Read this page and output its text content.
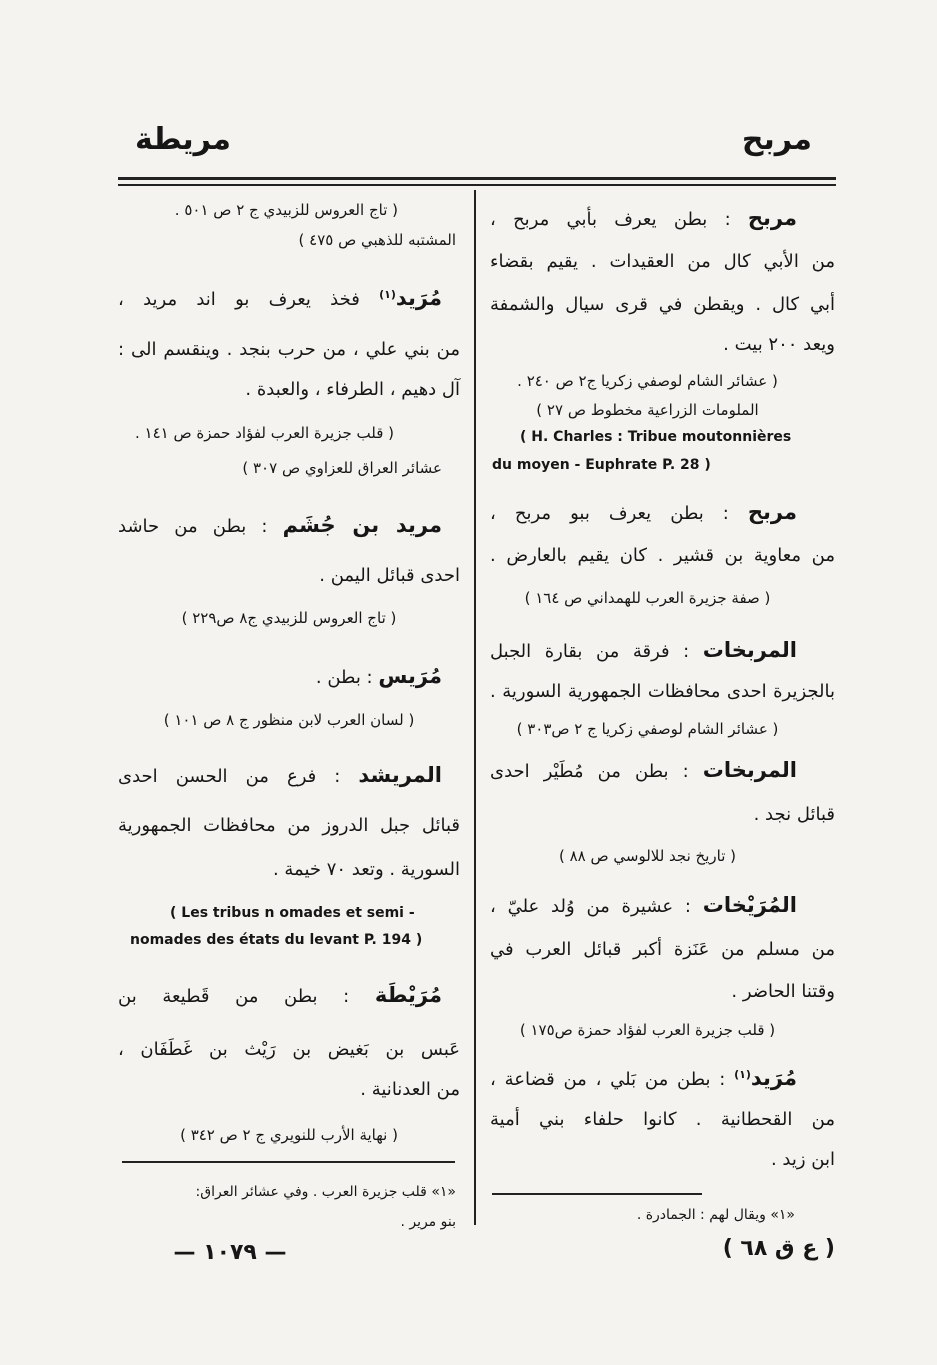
مربح
مريطة
مربح : بطن يعرف بأبي مربح ،
من الأبي كال من العقيدات . يقيم بقضاء
أبي كال . ويقطن في قرى سيال والشمفة
ويعد ٢٠٠ بيت .
( عشائر الشام لوصفي زكريا ج٢ ص ٢٤٠ .
الملومات الزراعية مخطوط ص ٢٧ )
( H. Charles : Tribue moutonnières
du moyen - Euphrate P. 28 )
مربح : بطن يعرف ببو مربح ،
من معاوية بن قشير . كان يقيم بالعارض .
( صفة جزيرة العرب للهمداني ص ١٦٤ )
المربخات : فرقة من بقارة الجبل
بالجزيرة احدى محافظات الجمهورية السورية .
( عشائر الشام لوصفي زكريا ج ٢ ص٣٠٣ )
المربخات : بطن من مُطَيْر احدى
قبائل نجد .
( تاريخ نجد للالوسي ص ٨٨ )
المُرَيْخات : عشيرة من وُلد عليّ ،
من مسلم من عَنَزة أكبر قبائل العرب في
وقتنا الحاضر .
( قلب جزيرة العرب لفؤاد حمزة ص١٧٥ )
مُرَيد$^{(١)}$ : بطن من بَلي ، من قضاعة ،
من القحطانية . كانوا حلفاء بني أمية
ابن زيد .
«١» ويقال لهم : الجمادرة .
( ٦٨ ق ع )
( تاج العروس للزبيدي ج ٢ ص ٥٠١ .
المشتبه للذهبي ص ٤٧٥ )
مُرَيد$^{(١)}$ فخذ يعرف بو اند مريد ،
من بني علي ، من حرب بنجد . وينقسم الى :
آل دهيم ، الطرفاء ، والعبدة .
( قلب جزيرة العرب لفؤاد حمزة ص ١٤١ .
عشائر العراق للعزاوي ص ٣٠٧ )
مريد بن جُشَم : بطن من حاشد
احدى قبائل اليمن .
( تاج العروس للزبيدي ج٨ ص٢٢٩ )
مُرَيس : بطن .
( لسان العرب لابن منظور ج ٨ ص ١٠١ )
المريشد : فرع من الحسن احدى
قبائل جبل الدروز من محافظات الجمهورية
السورية . وتعد ٧٠ خيمة .
( Les tribus n omades et semi -
nomades des états du levant P. 194 )
مُرَيْطَة : بطن من قَطيعة بن
عَبس بن بَغيض بن رَيْث بن غَطَفَان ،
من العدنانية .
( نهاية الأرب للنويري ج ٢ ص ٣٤٢ )
«١» قلب جزيرة العرب . وفي عشائر العراق:
بنو مرير .
— ١٠٧٩ —
